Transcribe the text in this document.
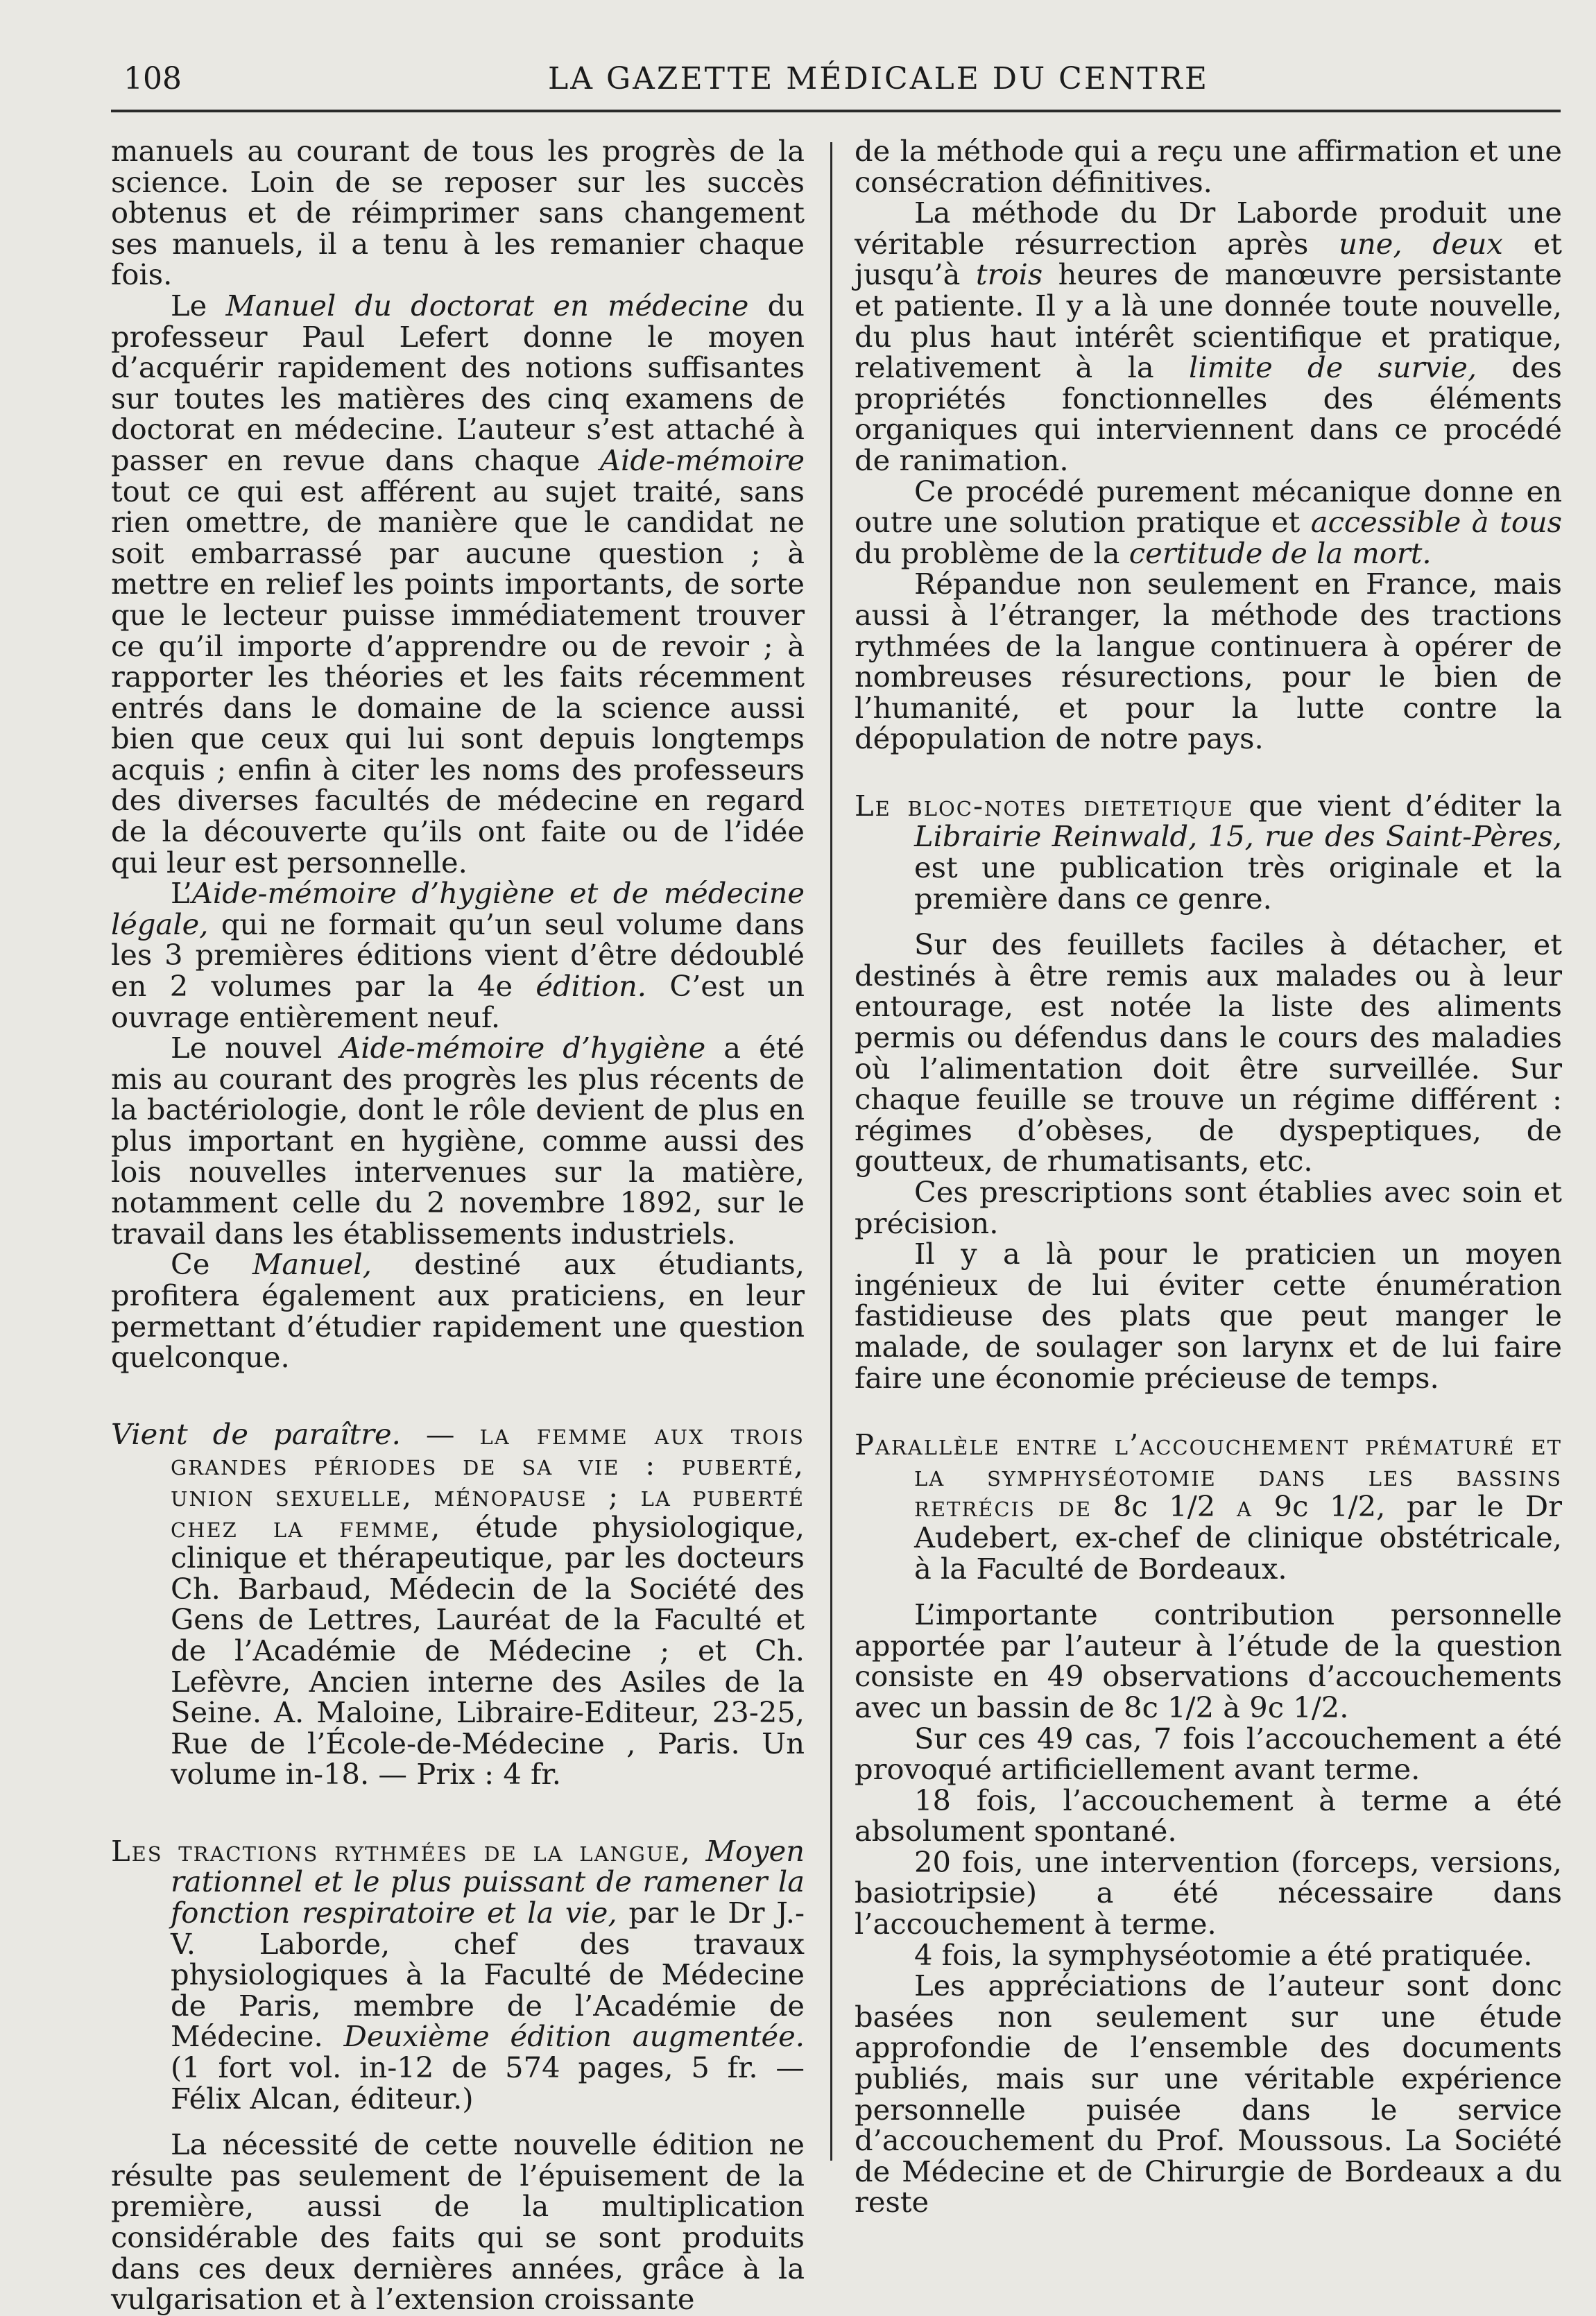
108	LA GAZETTE MÉDICALE DU CENTRE

manuels au courant de tous les progrès de la science. Loin de se reposer sur les succès obtenus et de réimprimer sans changement ses manuels, il a tenu à les remanier chaque fois.

Le Manuel du doctorat en médecine du professeur Paul Lefert donne le moyen d’acquérir rapidement des notions suffisantes sur toutes les matières des cinq examens de doctorat en médecine. L’auteur s’est attaché à passer en revue dans chaque Aide-mémoire tout ce qui est afférent au sujet traité, sans rien omettre, de manière que le candidat ne soit embarrassé par aucune question ; à mettre en relief les points importants, de sorte que le lecteur puisse immédiatement trouver ce qu’il importe d’apprendre ou de revoir ; à rapporter les théories et les faits récemment entrés dans le domaine de la science aussi bien que ceux qui lui sont depuis longtemps acquis ; enfin à citer les noms des professeurs des diverses facultés de médecine en regard de la découverte qu’ils ont faite ou de l’idée qui leur est personnelle.

L’Aide-mémoire d’hygiène et de médecine légale, qui ne formait qu’un seul volume dans les 3 premières éditions vient d’être dédoublé en 2 volumes par la 4e édition. C’est un ouvrage entièrement neuf.

Le nouvel Aide-mémoire d’hygiène a été mis au courant des progrès les plus récents de la bactériologie, dont le rôle devient de plus en plus important en hygiène, comme aussi des lois nouvelles intervenues sur la matière, notamment celle du 2 novembre 1892, sur le travail dans les établissements industriels.

Ce Manuel, destiné aux étudiants, profitera également aux praticiens, en leur permettant d’étudier rapidement une question quelconque.

Vient de paraître. — la femme aux trois grandes périodes de sa vie : puberté, union sexuelle, ménopause ; la puberté chez la femme, étude physiologique, clinique et thérapeutique, par les docteurs Ch. Barbaud, Médecin de la Société des Gens de Lettres, Lauréat de la Faculté et de l’Académie de Médecine ; et Ch. Lefèvre, Ancien interne des Asiles de la Seine. A. Maloine, Libraire-Editeur, 23-25, Rue de l’École-de-Médecine , Paris. Un volume in-18. — Prix : 4 fr.

Les tractions rythmées de la langue, Moyen rationnel et le plus puissant de ramener la fonction respiratoire et la vie, par le Dr J.-V. Laborde, chef des travaux physiologiques à la Faculté de Médecine de Paris, membre de l’Académie de Médecine. Deuxième édition augmentée. (1 fort vol. in-12 de 574 pages, 5 fr. — Félix Alcan, éditeur.)

La nécessité de cette nouvelle édition ne résulte pas seulement de l’épuisement de la première, aussi de la multiplication considérable des faits qui se sont produits dans ces deux dernières années, grâce à la vulgarisation et à l’extension croissante

de la méthode qui a reçu une affirmation et une consécration définitives.

La méthode du Dr Laborde produit une véritable résurrection après une, deux et jusqu’à trois heures de manœuvre persistante et patiente. Il y a là une donnée toute nouvelle, du plus haut intérêt scientifique et pratique, relativement à la limite de survie, des propriétés fonctionnelles des éléments organiques qui interviennent dans ce procédé de ranimation.

Ce procédé purement mécanique donne en outre une solution pratique et accessible à tous du problème de la certitude de la mort.

Répandue non seulement en France, mais aussi à l’étranger, la méthode des tractions rythmées de la langue continuera à opérer de nombreuses résurections, pour le bien de l’humanité, et pour la lutte contre la dépopulation de notre pays.

Le bloc-notes dietetique que vient d’éditer la Librairie Reinwald, 15, rue des Saint-Pères, est une publication très originale et la première dans ce genre.

Sur des feuillets faciles à détacher, et destinés à être remis aux malades ou à leur entourage, est notée la liste des aliments permis ou défendus dans le cours des maladies où l’alimentation doit être surveillée. Sur chaque feuille se trouve un régime différent : régimes d’obèses, de dyspeptiques, de goutteux, de rhumatisants, etc.

Ces prescriptions sont établies avec soin et précision.

Il y a là pour le praticien un moyen ingénieux de lui éviter cette énumération fastidieuse des plats que peut manger le malade, de soulager son larynx et de lui faire faire une économie précieuse de temps.

Parallèle entre l’accouchement prématuré et la symphyséotomie dans les bassins retrécis de 8c 1/2 a 9c 1/2, par le Dr Audebert, ex-chef de clinique obstétricale, à la Faculté de Bordeaux.

L’importante contribution personnelle apportée par l’auteur à l’étude de la question consiste en 49 observations d’accouchements avec un bassin de 8c 1/2 à 9c 1/2.

Sur ces 49 cas, 7 fois l’accouchement a été provoqué artificiellement avant terme.

18 fois, l’accouchement à terme a été absolument spontané.

20 fois, une intervention (forceps, versions, basiotripsie) a été nécessaire dans l’accouchement à terme.

4 fois, la symphyséotomie a été pratiquée.

Les appréciations de l’auteur sont donc basées non seulement sur une étude approfondie de l’ensemble des documents publiés, mais sur une véritable expérience personnelle puisée dans le service d’accouchement du Prof. Moussous. La Société de Médecine et de Chirurgie de Bordeaux a du reste
